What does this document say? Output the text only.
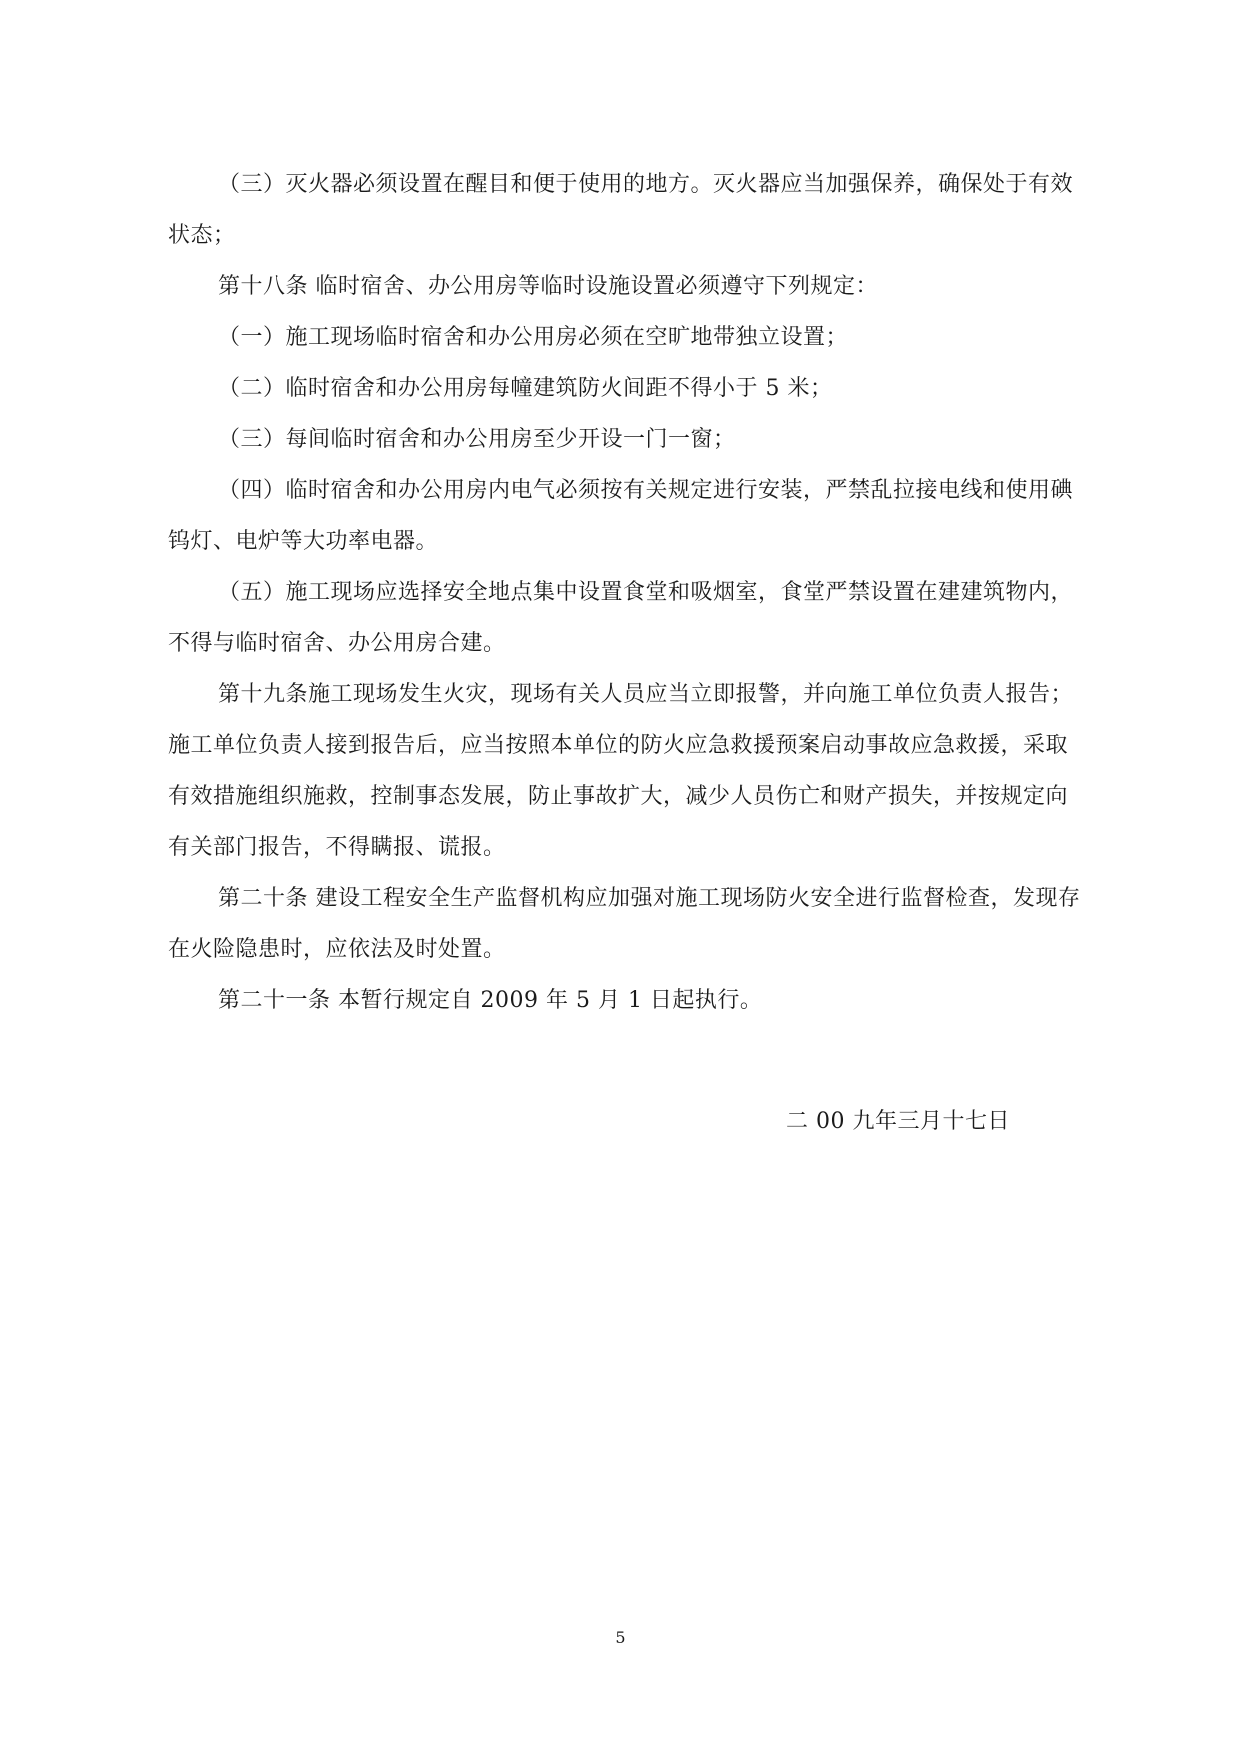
（三）灭火器必须设置在醒目和便于使用的地方。灭火器应当加强保养，确保处于有效状态；

第十八条 临时宿舍、办公用房等临时设施设置必须遵守下列规定：

（一）施工现场临时宿舍和办公用房必须在空旷地带独立设置；

（二）临时宿舍和办公用房每幢建筑防火间距不得小于 5 米；

（三）每间临时宿舍和办公用房至少开设一门一窗；

（四）临时宿舍和办公用房内电气必须按有关规定进行安装，严禁乱拉接电线和使用碘钨灯、电炉等大功率电器。

（五）施工现场应选择安全地点集中设置食堂和吸烟室，食堂严禁设置在建建筑物内，不得与临时宿舍、办公用房合建。

第十九条施工现场发生火灾，现场有关人员应当立即报警，并向施工单位负责人报告；施工单位负责人接到报告后，应当按照本单位的防火应急救援预案启动事故应急救援，采取有效措施组织施救，控制事态发展，防止事故扩大，减少人员伤亡和财产损失，并按规定向有关部门报告，不得瞒报、谎报。

第二十条 建设工程安全生产监督机构应加强对施工现场防火安全进行监督检查，发现存在火险隐患时，应依法及时处置。

第二十一条 本暂行规定自 2009 年 5 月 1 日起执行。

二 00 九年三月十七日
5
